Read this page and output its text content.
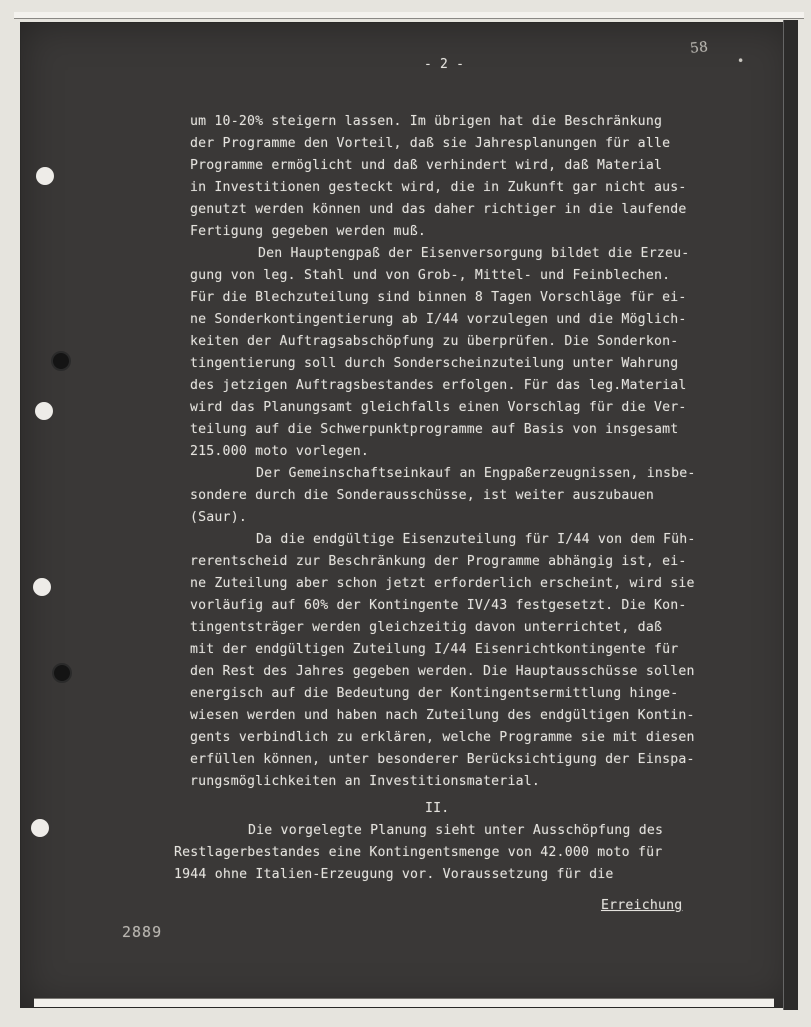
- 2 -
58
•
um 10-20% steigern lassen. Im übrigen hat die Beschränkung
der Programme den Vorteil, daß sie Jahresplanungen für alle
Programme ermöglicht und daß verhindert wird, daß Material
in Investitionen gesteckt wird, die in Zukunft gar nicht aus-
genutzt werden können und das daher richtiger in die laufende
Fertigung gegeben werden muß.
Den Hauptengpaß der Eisenversorgung bildet die Erzeu-
gung von leg. Stahl und von Grob-, Mittel- und Feinblechen.
Für die Blechzuteilung sind binnen 8 Tagen Vorschläge für ei-
ne Sonderkontingentierung ab I/44 vorzulegen und die Möglich-
keiten der Auftragsabschöpfung zu überprüfen. Die Sonderkon-
tingentierung soll durch Sonderscheinzuteilung unter Wahrung
des jetzigen Auftragsbestandes erfolgen. Für das leg.Material
wird das Planungsamt gleichfalls einen Vorschlag für die Ver-
teilung auf die Schwerpunktprogramme auf Basis von insgesamt
215.000 moto vorlegen.
Der Gemeinschaftseinkauf an Engpaßerzeugnissen, insbe-
sondere durch die Sonderausschüsse, ist weiter auszubauen
(Saur).
Da die endgültige Eisenzuteilung für I/44 von dem Füh-
rerentscheid zur Beschränkung der Programme abhängig ist, ei-
ne Zuteilung aber schon jetzt erforderlich erscheint, wird sie
vorläufig auf 60% der Kontingente IV/43 festgesetzt. Die Kon-
tingentsträger werden gleichzeitig davon unterrichtet, daß
mit der endgültigen Zuteilung I/44 Eisenrichtkontingente für
den Rest des Jahres gegeben werden. Die Hauptausschüsse sollen
energisch auf die Bedeutung der Kontingentsermittlung hinge-
wiesen werden und haben nach Zuteilung des endgültigen Kontin-
gents verbindlich zu erklären, welche Programme sie mit diesen
erfüllen können, unter besonderer Berücksichtigung der Einspa-
rungsmöglichkeiten an Investitionsmaterial.
II.
Die vorgelegte Planung sieht unter Ausschöpfung des
Restlagerbestandes eine Kontingentsmenge von 42.000 moto für
1944 ohne Italien-Erzeugung vor. Voraussetzung für die
Erreichung
2889
